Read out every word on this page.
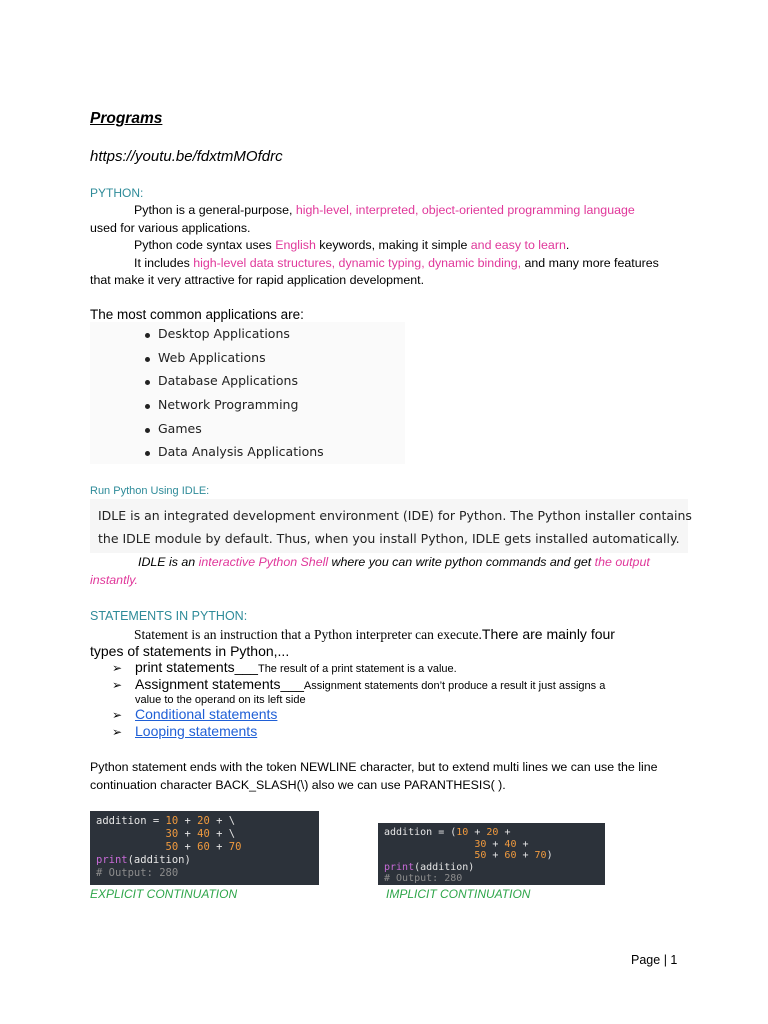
Programs
https://youtu.be/fdxtmMOfdrc
PYTHON:
Python is a general-purpose, high-level, interpreted, object-oriented programming language
used for various applications.
Python code syntax uses English keywords, making it simple and easy to learn.
It includes high-level data structures, dynamic typing, dynamic binding, and many more features
that make it very attractive for rapid application development.
The most common applications are:
Desktop Applications
Web Applications
Database Applications
Network Programming
Games
Data Analysis Applications
Run Python Using IDLE:
IDLE is an integrated development environment (IDE) for Python. The Python installer contains
the IDLE module by default. Thus, when you install Python, IDLE gets installed automatically.
IDLE is an interactive Python Shell where you can write python commands and get the output
instantly.
STATEMENTS IN PYTHON:
Statement is an instruction that a Python interpreter can execute.There are mainly four
types of statements in Python,...
➢ print statements___The result of a print statement is a value.
➢ Assignment statements___Assignment statements don’t produce a result it just assigns a
value to the operand on its left side
➢ Conditional statements
➢ Looping statements
Python statement ends with the token NEWLINE character, but to extend multi lines we can use the line
continuation character BACK_SLASH(\) also we can use PARANTHESIS( ).
addition = 10 + 20 + \
30 + 40 + \
50 + 60 + 70
print(addition)
# Output: 280
EXPLICIT CONTINUATION
addition = (10 + 20 +
30 + 40 +
50 + 60 + 70)
print(addition)
# Output: 280
IMPLICIT CONTINUATION
Page | 1
